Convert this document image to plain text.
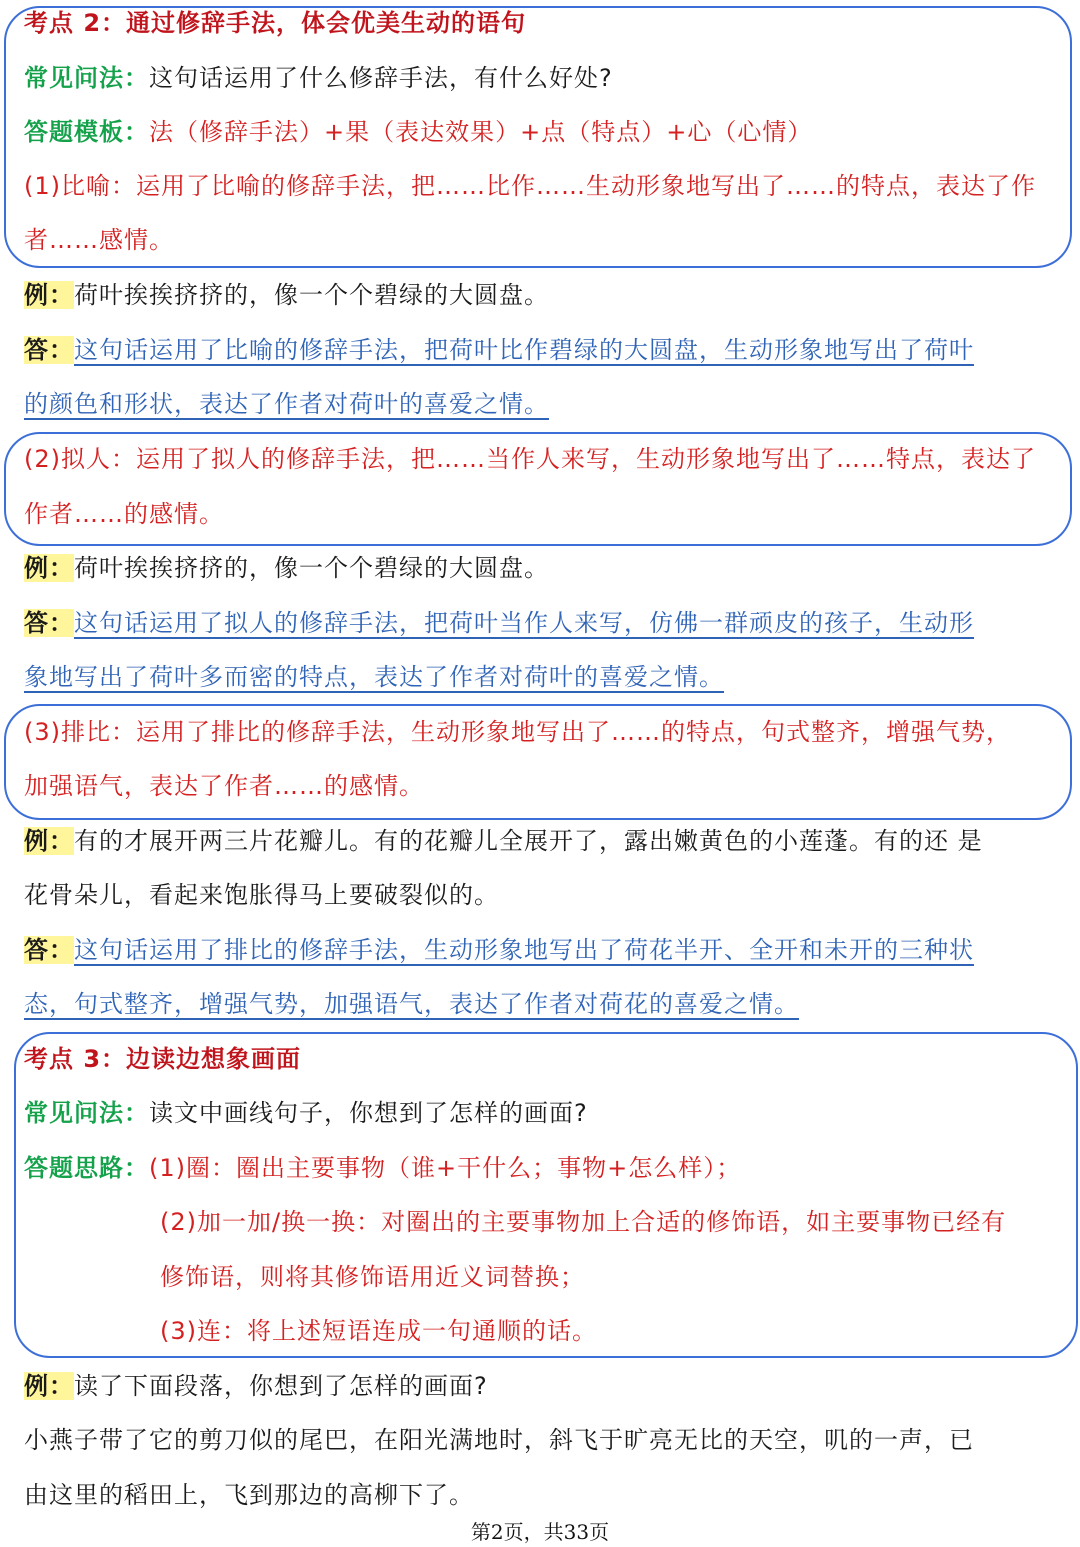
考点 2：通过修辞手法，体会优美生动的语句
常见问法：这句话运用了什么修辞手法，有什么好处?
答题模板：法（修辞手法）+果（表达效果）+点（特点）+心（心情）
(1)比喻：运用了比喻的修辞手法，把……比作……生动形象地写出了……的特点，表达了作
者……感情。
例：荷叶挨挨挤挤的，像一个个碧绿的大圆盘。
答：这句话运用了比喻的修辞手法，把荷叶比作碧绿的大圆盘，生动形象地写出了荷叶
的颜色和形状，表达了作者对荷叶的喜爱之情。
(2)拟人：运用了拟人的修辞手法，把……当作人来写，生动形象地写出了……特点，表达了
作者……的感情。
例：荷叶挨挨挤挤的，像一个个碧绿的大圆盘。
答：这句话运用了拟人的修辞手法，把荷叶当作人来写，仿佛一群顽皮的孩子，生动形
象地写出了荷叶多而密的特点，表达了作者对荷叶的喜爱之情。
(3)排比：运用了排比的修辞手法，生动形象地写出了……的特点，句式整齐，增强气势，
加强语气，表达了作者……的感情。
例：有的才展开两三片花瓣儿。有的花瓣儿全展开了，露出嫩黄色的小莲蓬。有的还 是
花骨朵儿，看起来饱胀得马上要破裂似的。
答：这句话运用了排比的修辞手法，生动形象地写出了荷花半开、全开和未开的三种状
态，句式整齐，增强气势，加强语气，表达了作者对荷花的喜爱之情。
考点 3：边读边想象画面
常见问法：读文中画线句子，你想到了怎样的画面?
答题思路：(1)圈：圈出主要事物（谁+干什么；事物+怎么样）；
(2)加一加/换一换：对圈出的主要事物加上合适的修饰语，如主要事物已经有
修饰语，则将其修饰语用近义词替换；
(3)连：将上述短语连成一句通顺的话。
例：读了下面段落，你想到了怎样的画面?
小燕子带了它的剪刀似的尾巴，在阳光满地时，斜飞于旷亮无比的天空，叽的一声，已
由这里的稻田上，飞到那边的高柳下了。
第2页，共33页
